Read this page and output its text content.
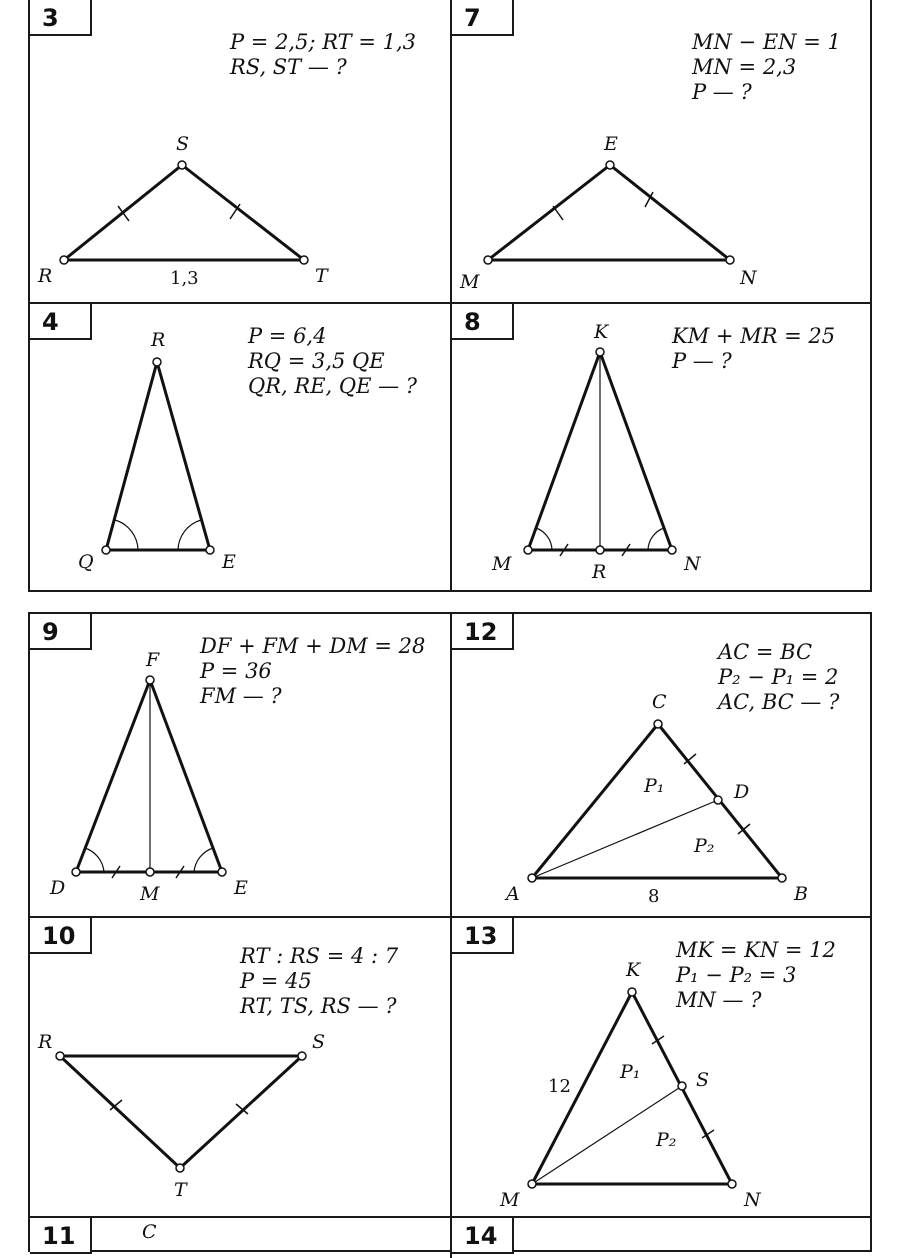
3
P = 2,5; RT = 1,3
RS, ST — ?
S
R	T
1,3
7
MN − EN = 1
MN = 2,3
P — ?
E
M	N
4	P = 6,4
RQ = 3,5 QE
QR, RE, QE — ?
R
Q	E
8	KM + MR = 25
P — ?
K
M	N
R
9	DF + FM + DM = 28
P = 36
FM — ?
F
D	M	E
12
AC = BC
P₂ − P₁ = 2
AC, BC — ?
C
D
A	B
P₁
P₂
8
10
RT : RS = 4 : 7
P = 45
RT, TS, RS — ?
R	S
T
13	MK = KN = 12
P₁ − P₂ = 3
MN — ?
K
S
M	N
P₁
P₂
12
11	C	14
